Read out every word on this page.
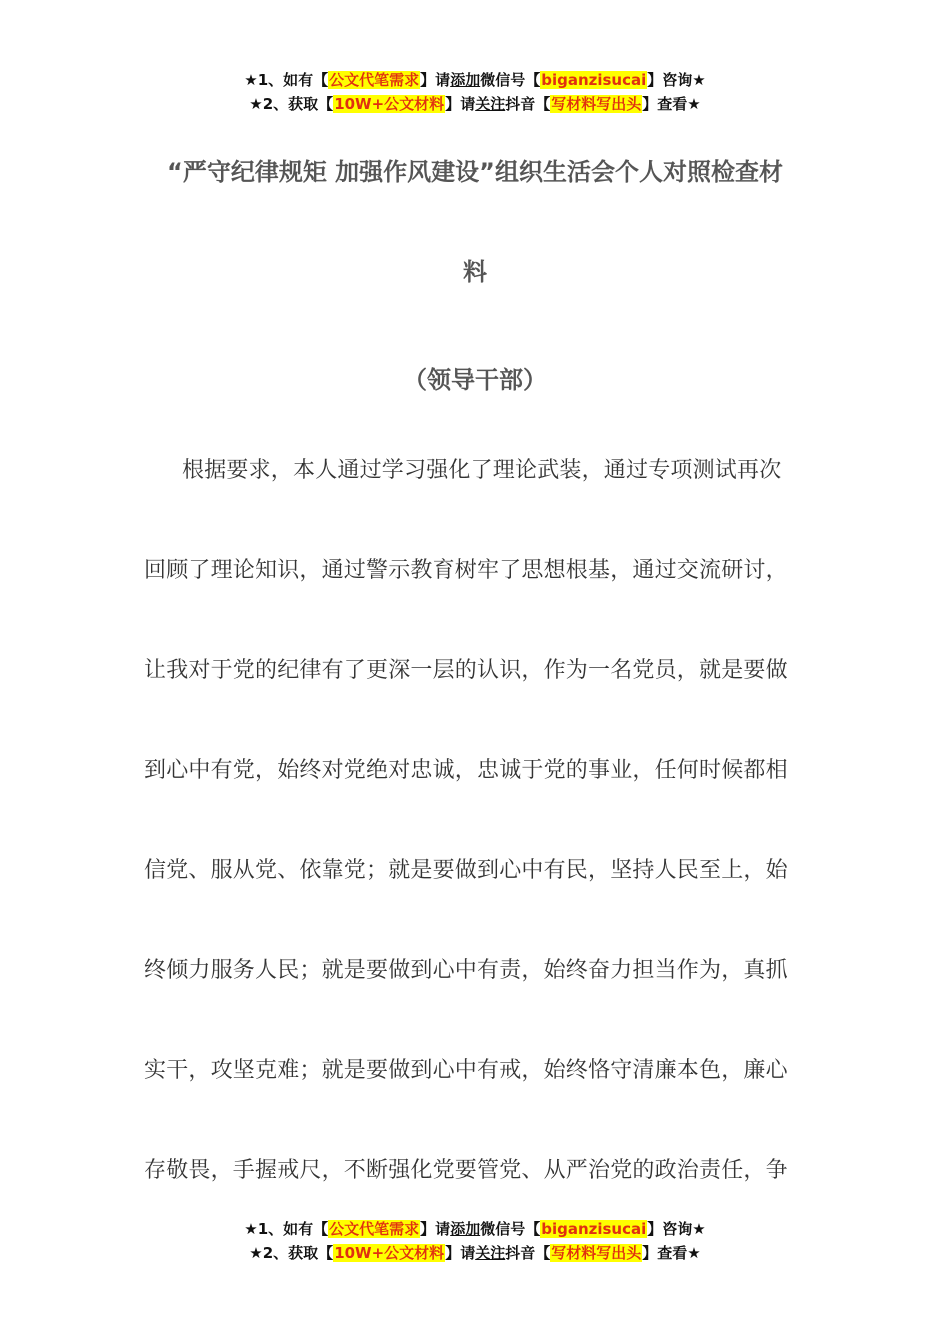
★1、如有【公文代笔需求】请添加微信号【biganzisucai】咨询★
★2、获取【10W+公文材料】请关注抖音【写材料写出头】查看★
“严守纪律规矩 加强作风建设”组织生活会个人对照检查材
料
（领导干部）
根据要求，本人通过学习强化了理论武装，通过专项测试再次
回顾了理论知识，通过警示教育树牢了思想根基，通过交流研讨，
让我对于党的纪律有了更深一层的认识，作为一名党员，就是要做
到心中有党，始终对党绝对忠诚，忠诚于党的事业，任何时候都相
信党、服从党、依靠党；就是要做到心中有民，坚持人民至上，始
终倾力服务人民；就是要做到心中有责，始终奋力担当作为，真抓
实干，攻坚克难；就是要做到心中有戒，始终恪守清廉本色，廉心
存敬畏，手握戒尺，不断强化党要管党、从严治党的政治责任，争
★1、如有【公文代笔需求】请添加微信号【biganzisucai】咨询★
★2、获取【10W+公文材料】请关注抖音【写材料写出头】查看★
